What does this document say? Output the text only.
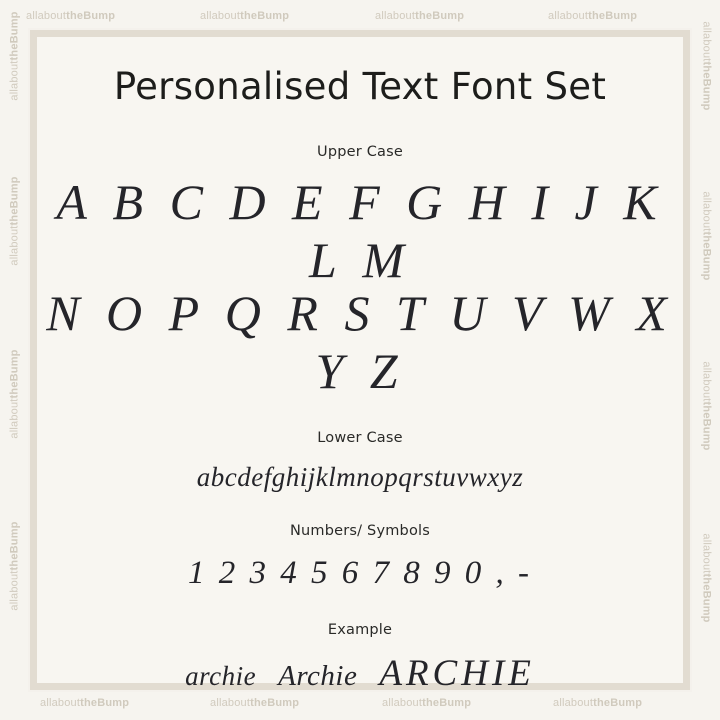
allabouttheBump	allabouttheBump	allabouttheBump	allabouttheBump
allabouttheBump	allabouttheBump	allabouttheBump	allabouttheBump
allabouttheBump
allabouttheBump
allabouttheBump
allabouttheBump
allabouttheBump
allabouttheBump
allabouttheBump
allabouttheBump
Personalised Text Font Set
Upper Case
A B C D E F G H I J K L M
N O P Q R S T U V W X Y Z
Lower Case
abcdefghijklmnopqrstuvwxyz
Numbers/ Symbols
1 2 3 4 5 6 7 8 9 0 , -
Example
archie Archie ARCHIE
